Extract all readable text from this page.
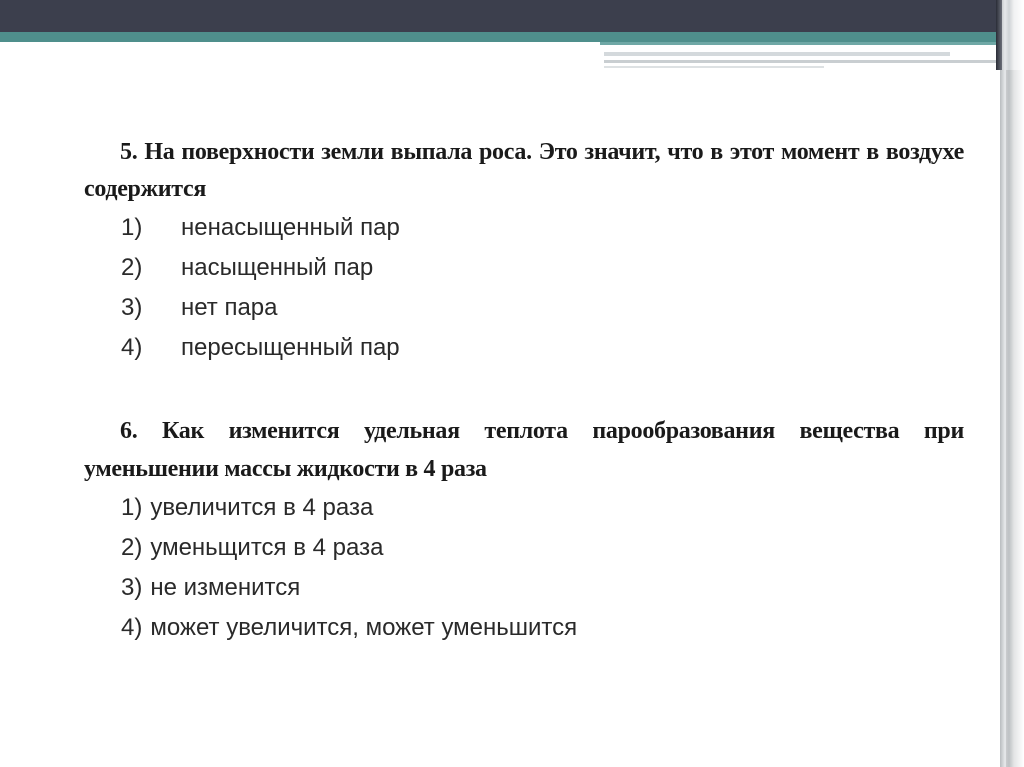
5. На поверхности земли выпала роса. Это значит, что в этот момент в воздухе содержится

1)	ненасыщенный пар
2)	насыщенный пар
3)	нет пара
4)	пересыщенный пар

6. Как изменится удельная теплота парообразования вещества при уменьшении массы жидкости в 4 раза

1) увеличится в 4 раза
2) уменьщится в 4 раза
3) не изменится
4) может увеличится, может уменьшится
